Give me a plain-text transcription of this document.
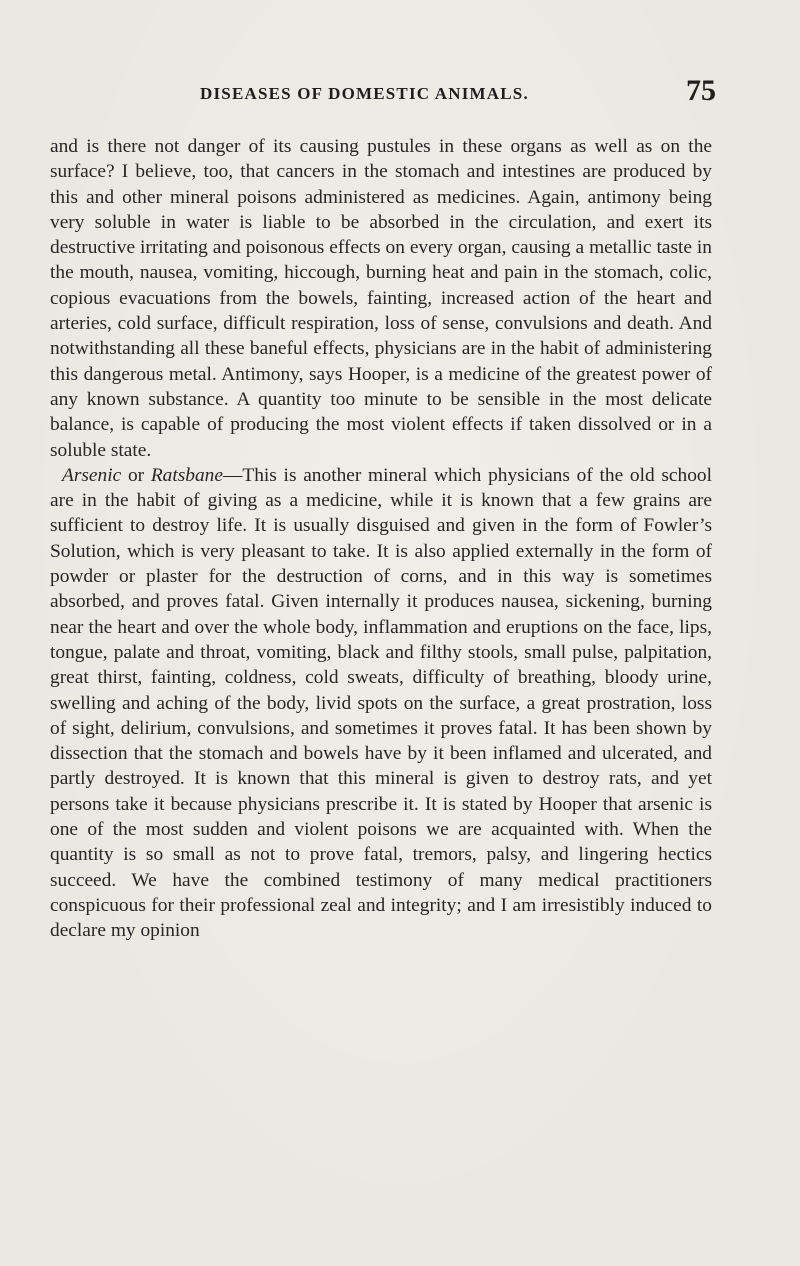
DISEASES OF DOMESTIC ANIMALS.	75

and is there not danger of its causing pustules in these organs as well as on the surface? I believe, too, that cancers in the stomach and intestines are produced by this and other mineral poisons administered as medicines. Again, antimony being very soluble in water is liable to be absorbed in the circulation, and exert its destructive irritating and poisonous effects on every organ, causing a metallic taste in the mouth, nausea, vomiting, hiccough, burning heat and pain in the stomach, colic, copious evacuations from the bowels, fainting, increased action of the heart and arteries, cold surface, difficult respiration, loss of sense, convulsions and death. And notwithstanding all these baneful effects, physicians are in the habit of administering this dangerous metal. Antimony, says Hooper, is a medicine of the greatest power of any known substance. A quantity too minute to be sensible in the most delicate balance, is capable of producing the most violent effects if taken dissolved or in a soluble state.

Arsenic or Ratsbane—This is another mineral which physicians of the old school are in the habit of giving as a medicine, while it is known that a few grains are sufficient to destroy life. It is usually disguised and given in the form of Fowler’s Solution, which is very pleasant to take. It is also applied externally in the form of powder or plaster for the destruction of corns, and in this way is sometimes absorbed, and proves fatal. Given internally it produces nausea, sickening, burning near the heart and over the whole body, inflammation and eruptions on the face, lips, tongue, palate and throat, vomiting, black and filthy stools, small pulse, palpitation, great thirst, fainting, coldness, cold sweats, difficulty of breathing, bloody urine, swelling and aching of the body, livid spots on the surface, a great prostration, loss of sight, delirium, convulsions, and sometimes it proves fatal. It has been shown by dissection that the stomach and bowels have by it been inflamed and ulcerated, and partly destroyed. It is known that this mineral is given to destroy rats, and yet persons take it because physicians prescribe it. It is stated by Hooper that arsenic is one of the most sudden and violent poisons we are acquainted with. When the quantity is so small as not to prove fatal, tremors, palsy, and lingering hectics succeed. We have the combined testimony of many medical practitioners conspicuous for their professional zeal and integrity; and I am irresistibly induced to declare my opinion
